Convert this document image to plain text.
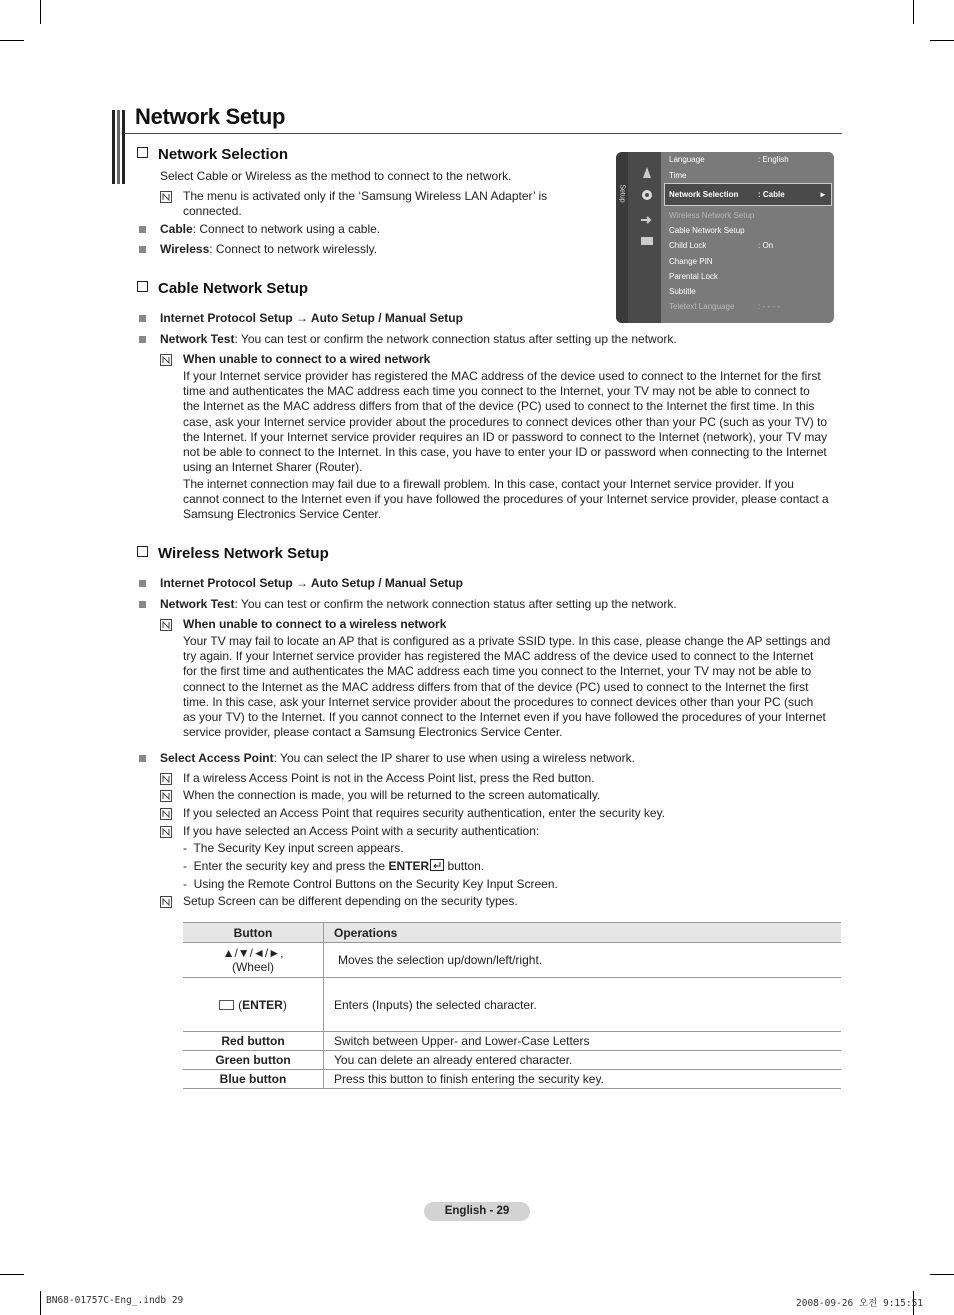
Network Setup
Network Selection
Select Cable or Wireless as the method to connect to the network.
The menu is activated only if the ‘Samsung Wireless LAN Adapter’ is
connected.
Cable: Connect to network using a cable.
Wireless: Connect to network wirelessly.
Setup
Language	: English
Time
Network Selection : Cable	►
Wireless Network Setup
Cable Network Setup
Child Lock	: On
Change PIN
Parental Lock
Subtitle
Teletext Language	: - - - -
Cable Network Setup
Internet Protocol Setup → Auto Setup / Manual Setup
Network Test: You can test or confirm the network connection status after setting up the network.
When unable to connect to a wired network
If your Internet service provider has registered the MAC address of the device used to connect to the Internet for the first
time and authenticates the MAC address each time you connect to the Internet, your TV may not be able to connect to
the Internet as the MAC address differs from that of the device (PC) used to connect to the Internet the first time. In this
case, ask your Internet service provider about the procedures to connect devices other than your PC (such as your TV) to
the Internet. If your Internet service provider requires an ID or password to connect to the Internet (network), your TV may
not be able to connect to the Internet. In this case, you have to enter your ID or password when connecting to the Internet
using an Internet Sharer (Router).
The internet connection may fail due to a firewall problem. In this case, contact your Internet service provider. If you
cannot connect to the Internet even if you have followed the procedures of your Internet service provider, please contact a
Samsung Electronics Service Center.
Wireless Network Setup
Internet Protocol Setup → Auto Setup / Manual Setup
Network Test: You can test or confirm the network connection status after setting up the network.
When unable to connect to a wireless network
Your TV may fail to locate an AP that is configured as a private SSID type. In this case, please change the AP settings and
try again. If your Internet service provider has registered the MAC address of the device used to connect to the Internet
for the first time and authenticates the MAC address each time you connect to the Internet, your TV may not be able to
connect to the Internet as the MAC address differs from that of the device (PC) used to connect to the Internet the first
time. In this case, ask your Internet service provider about the procedures to connect devices other than your PC (such
as your TV) to the Internet. If you cannot connect to the Internet even if you have followed the procedures of your Internet
service provider, please contact a Samsung Electronics Service Center.
Select Access Point: You can select the IP sharer to use when using a wireless network.
If a wireless Access Point is not in the Access Point list, press the Red button.
When the connection is made, you will be returned to the screen automatically.
If you selected an Access Point that requires security authentication, enter the security key.
If you have selected an Access Point with a security authentication:
-  The Security Key input screen appears.
-  Enter the security key and press the ENTER
button.
-  Using the Remote Control Buttons on the Security Key Input Screen.
Setup Screen can be different depending on the security types.
Button	Operations

▲/▼/◄/►,
(Wheel)	Moves the selection up/down/left/right.
(ENTER)	Enters (Inputs) the selected character.
Red button	Switch between Upper- and Lower-Case Letters
Green button	You can delete an already entered character.
Blue button	Press this button to finish entering the security key.
English - 29
BN68-01757C-Eng_.indb 29	2008-09-26 오전 9:15:51
